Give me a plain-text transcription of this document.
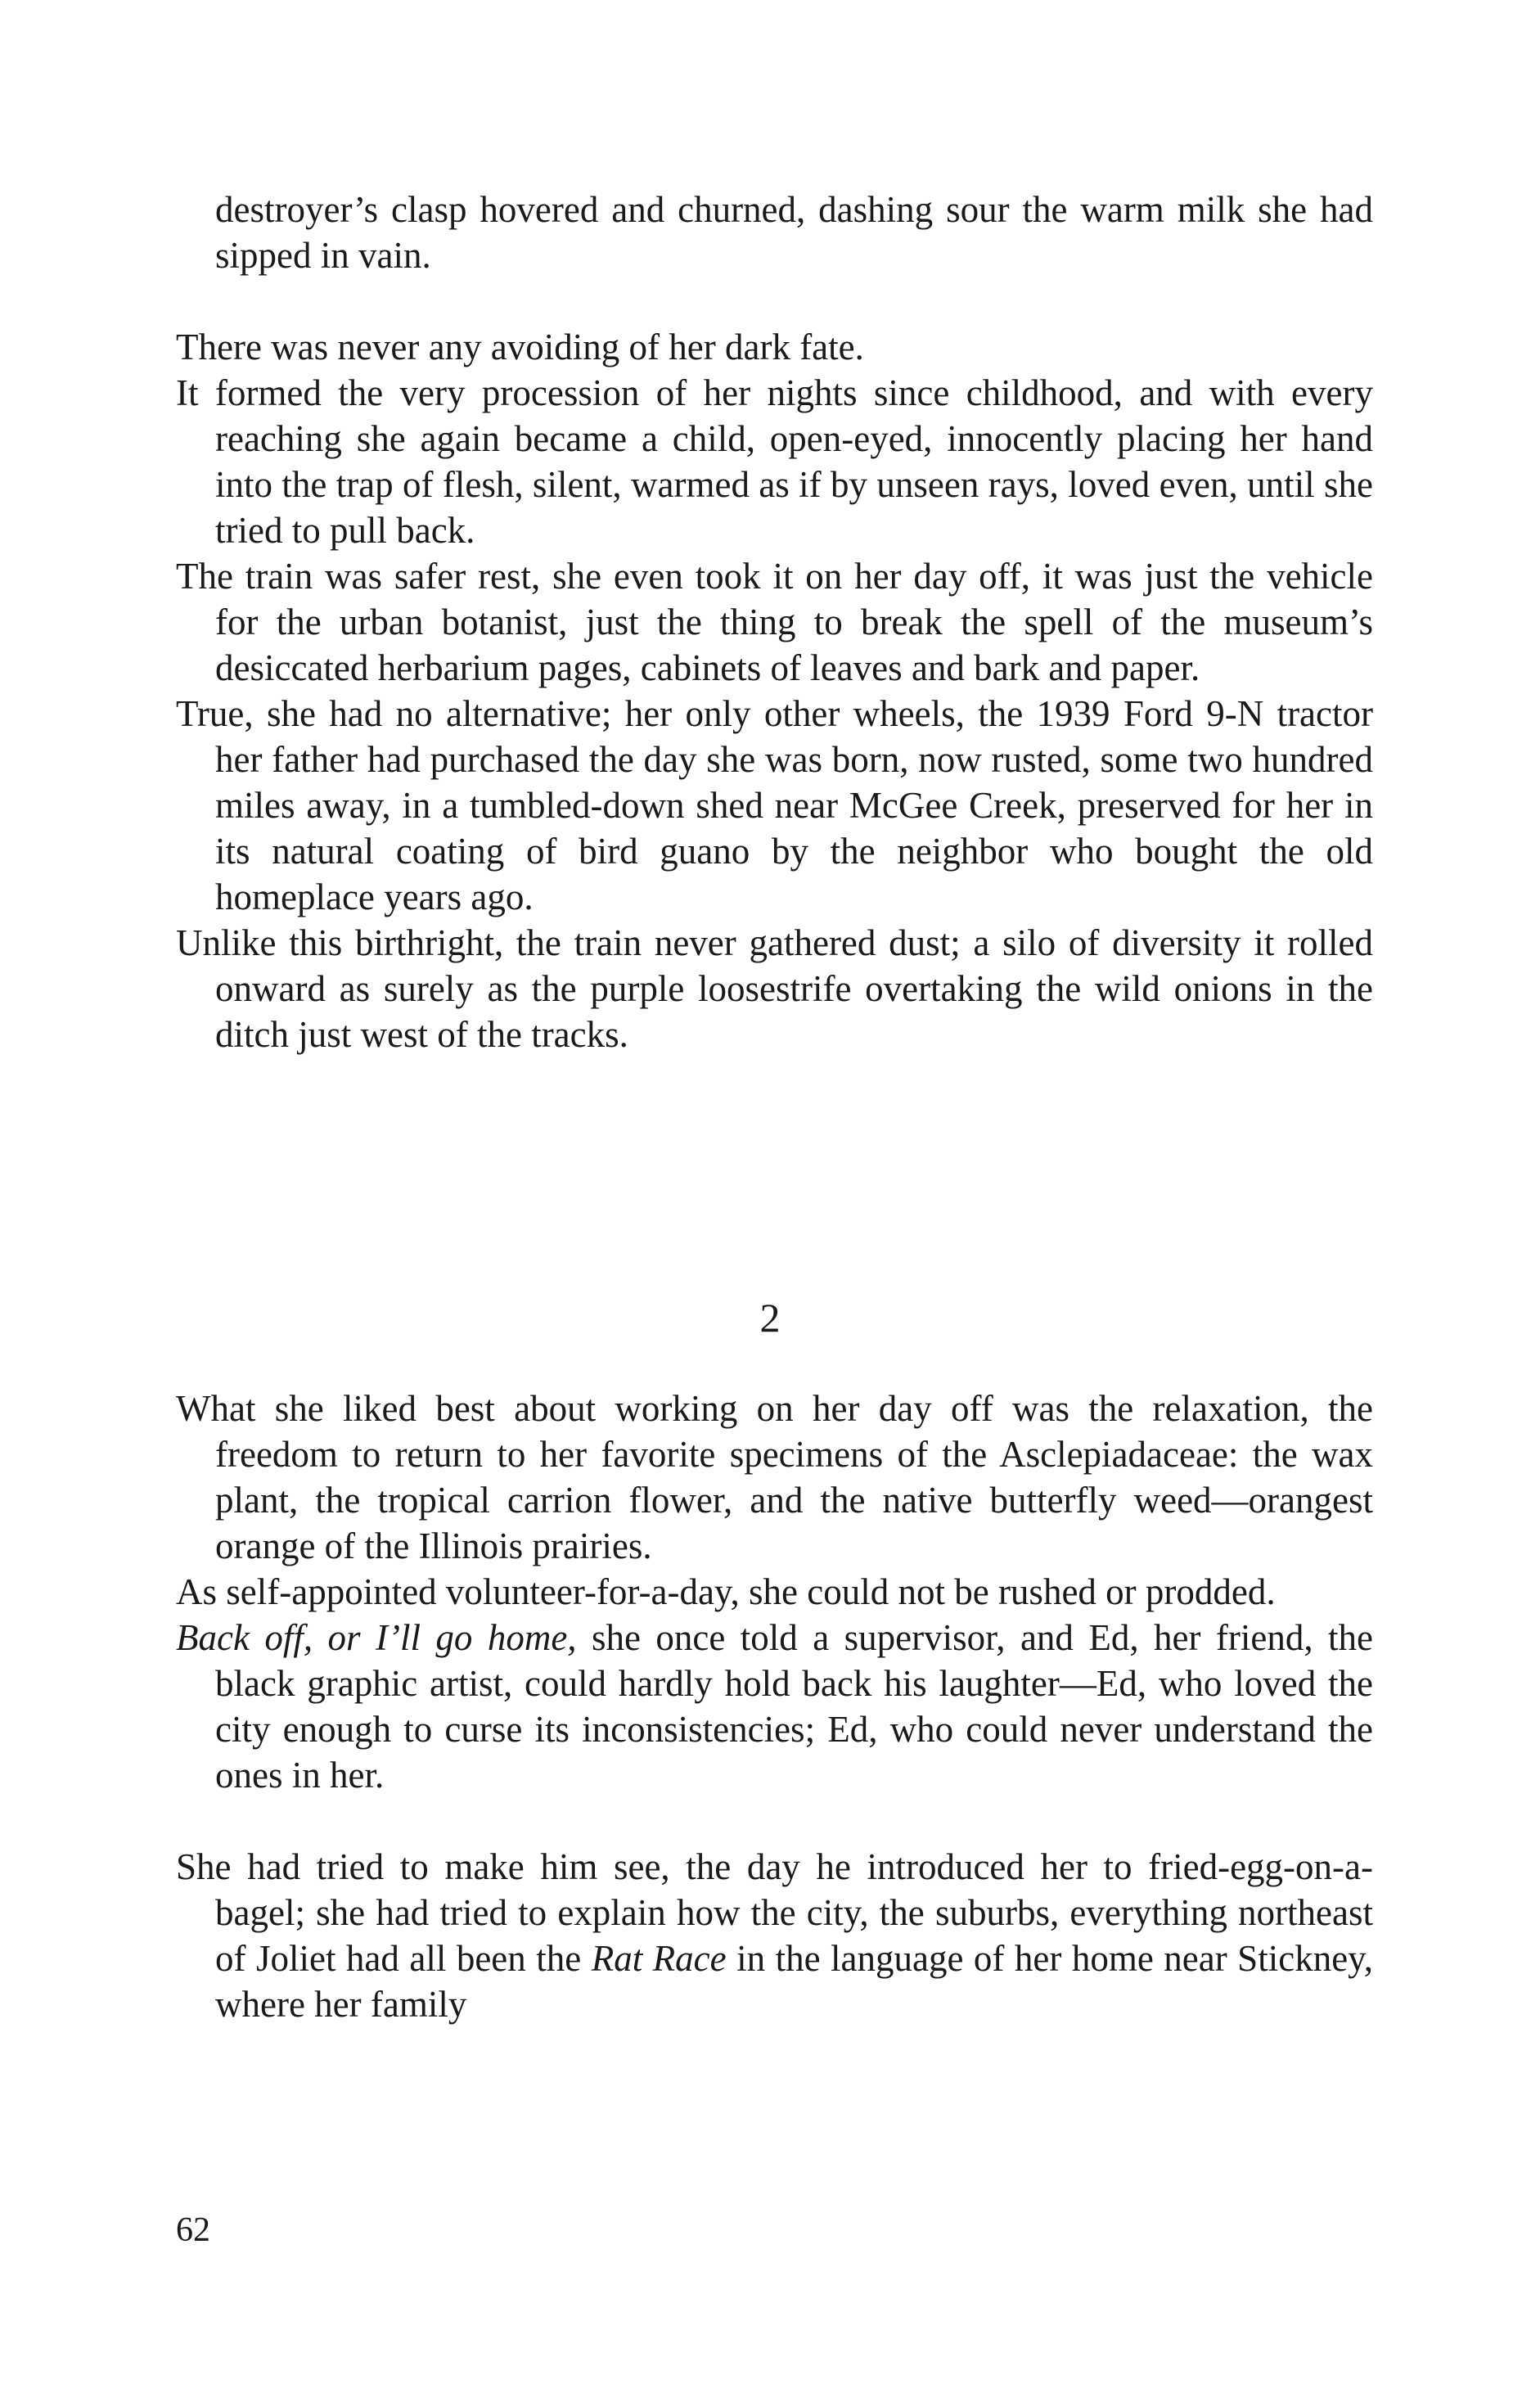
destroyer’s clasp hovered and churned, dashing sour the warm milk she had sipped in vain.

There was never any avoiding of her dark fate.

It formed the very procession of her nights since childhood, and with every reaching she again became a child, open-eyed, innocently placing her hand into the trap of flesh, silent, warmed as if by unseen rays, loved even, until she tried to pull back.

The train was safer rest, she even took it on her day off, it was just the vehicle for the urban botanist, just the thing to break the spell of the museum’s desiccated herbarium pages, cabinets of leaves and bark and paper.

True, she had no alternative; her only other wheels, the 1939 Ford 9-N tractor her father had purchased the day she was born, now rusted, some two hundred miles away, in a tumbled-down shed near McGee Creek, preserved for her in its natural coating of bird guano by the neighbor who bought the old homeplace years ago.

Unlike this birthright, the train never gathered dust; a silo of diversity it rolled onward as surely as the purple loosestrife overtaking the wild onions in the ditch just west of the tracks.

2

What she liked best about working on her day off was the relaxation, the freedom to return to her favorite specimens of the Asclepiadaceae: the wax plant, the tropical carrion flower, and the native butterfly weed—orangest orange of the Illinois prairies.

As self-appointed volunteer-for-a-day, she could not be rushed or prodded.

Back off, or I’ll go home, she once told a supervisor, and Ed, her friend, the black graphic artist, could hardly hold back his laughter—Ed, who loved the city enough to curse its inconsistencies; Ed, who could never understand the ones in her.

She had tried to make him see, the day he introduced her to fried-egg-on-a-bagel; she had tried to explain how the city, the suburbs, everything northeast of Joliet had all been the Rat Race in the language of her home near Stickney, where her family

62
